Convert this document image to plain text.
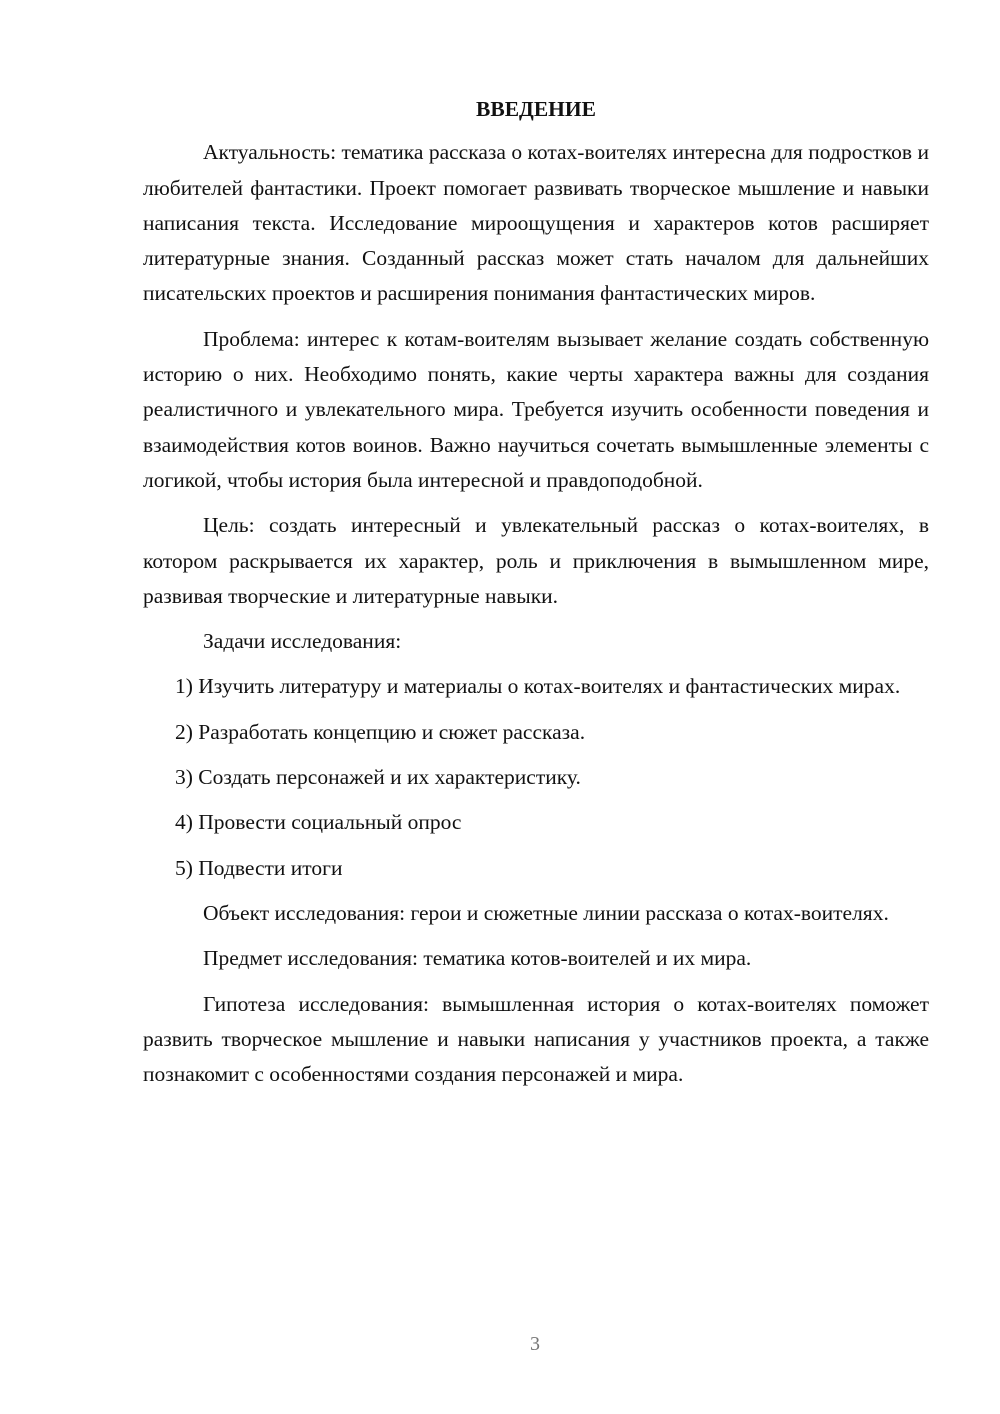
ВВЕДЕНИЕ

Актуальность: тематика рассказа о котах-воителях интересна для подростков и любителей фантастики. Проект помогает развивать творческое мышление и навыки написания текста. Исследование мироощущения и характеров котов расширяет литературные знания. Созданный рассказ может стать началом для дальнейших писательских проектов и расширения понимания фантастических миров.

Проблема: интерес к котам-воителям вызывает желание создать собственную историю о них. Необходимо понять, какие черты характера важны для создания реалистичного и увлекательного мира. Требуется изучить особенности поведения и взаимодействия котов воинов. Важно научиться сочетать вымышленные элементы с логикой, чтобы история была интересной и правдоподобной.

Цель: создать интересный и увлекательный рассказ о котах-воителях, в котором раскрывается их характер, роль и приключения в вымышленном мире, развивая творческие и литературные навыки.

Задачи исследования:

1) Изучить литературу и материалы о котах-воителях и фантастических мирах.

2) Разработать концепцию и сюжет рассказа.

3) Создать персонажей и их характеристику.

4) Провести социальный опрос

5) Подвести итоги

Объект исследования: герои и сюжетные линии рассказа о котах-воителях.

Предмет исследования: тематика котов-воителей и их мира.

Гипотеза исследования: вымышленная история о котах-воителях поможет развить творческое мышление и навыки написания у участников проекта, а также познакомит с особенностями создания персонажей и мира.

3
